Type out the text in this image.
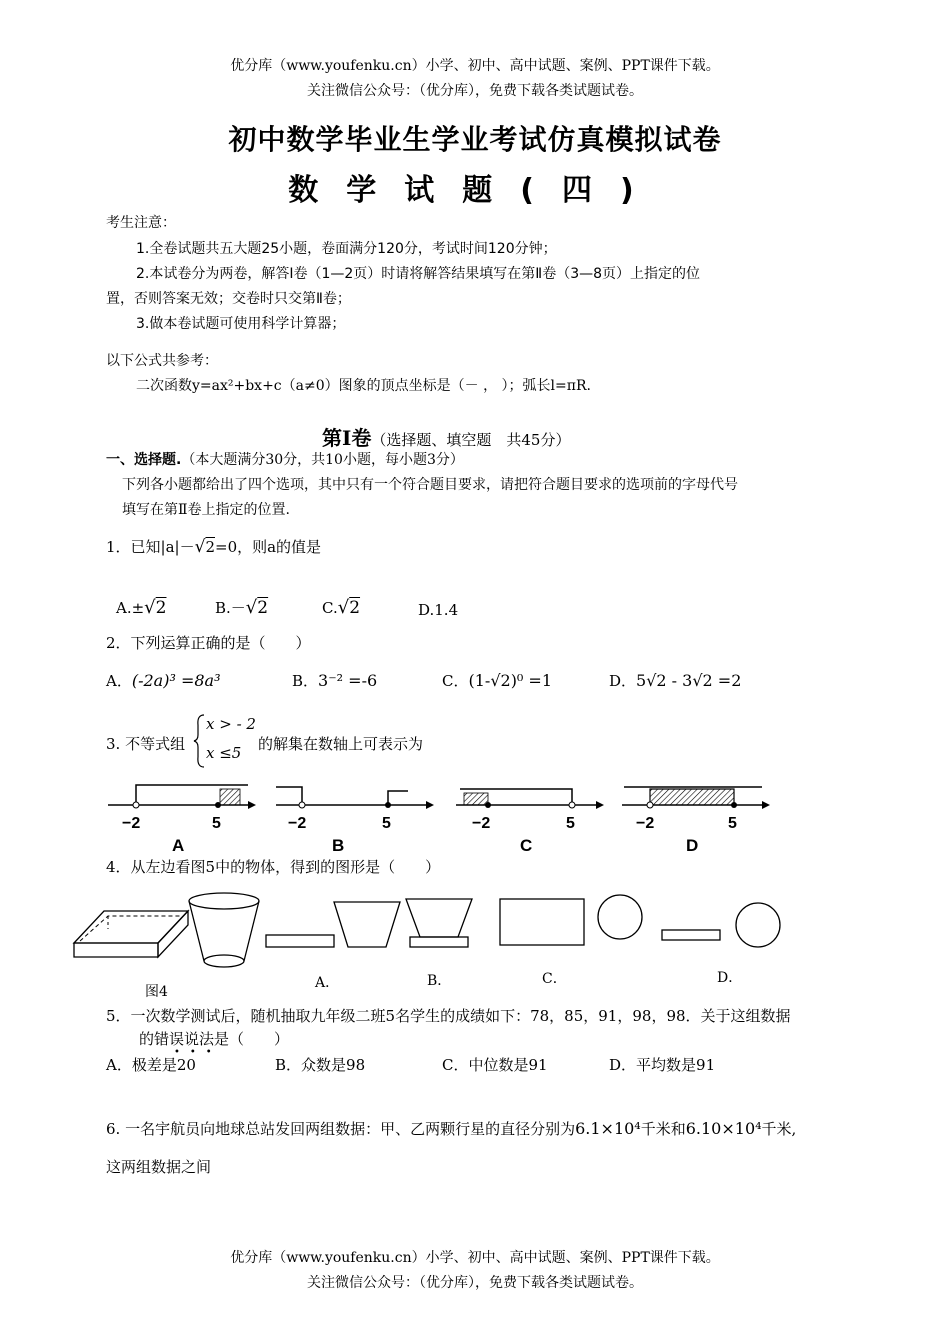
优分库（www.youfenku.cn）小学、初中、高中试题、案例、PPT课件下载。
关注微信公众号：（优分库），免费下载各类试题试卷。
初中数学毕业生学业考试仿真模拟试卷
数学试题(四)
考生注意：
1.全卷试题共五大题25小题，卷面满分120分，考试时间120分钟；
2.本试卷分为两卷，解答Ⅰ卷（1—2页）时请将解答结果填写在第Ⅱ卷（3—8页）上指定的位
置，否则答案无效；交卷时只交第Ⅱ卷；
3.做本卷试题可使用科学计算器；
以下公式共参考：
二次函数y=ax²+bx+c（a≠0）图象的顶点坐标是（－ ， ）；弧长l=πR.
第Ⅰ卷（选择题、填空题　共45分）
一、选择题.（本大题满分30分，共10小题，每小题3分）
下列各小题都给出了四个选项，其中只有一个符合题目要求，请把符合题目要求的选项前的字母代号
填写在第Ⅱ卷上指定的位置.
1．已知|a|－√2=0，则a的值是
A.±√2	B.－√2	C.√2	D.1.4
2．下列运算正确的是（　　）
A．(-2a)³ =8a³	B．3⁻² =-6	C．(1-√2)⁰ =1	D．5√2 - 3√2 =2
3. 不等式组
x > - 2
x ≤5 的解集在数轴上可表示为
−2	5
A
−2	5
B
−2	5
C
−2	5
D
4．从左边看图5中的物体，得到的图形是（　　）
图4
A．	B．	C．	D．
5．一次数学测试后，随机抽取九年级二班5名学生的成绩如下：78，85，91，98，98．关于这组数据
的错误说法是（　　）
•••
A．极差是20	B．众数是98	C．中位数是91	D．平均数是91
6. 一名宇航员向地球总站发回两组数据：甲、乙两颗行星的直径分别为6.1×10⁴千米和6.10×10⁴千米,
这两组数据之间
优分库（www.youfenku.cn）小学、初中、高中试题、案例、PPT课件下载。
关注微信公众号：（优分库），免费下载各类试题试卷。
